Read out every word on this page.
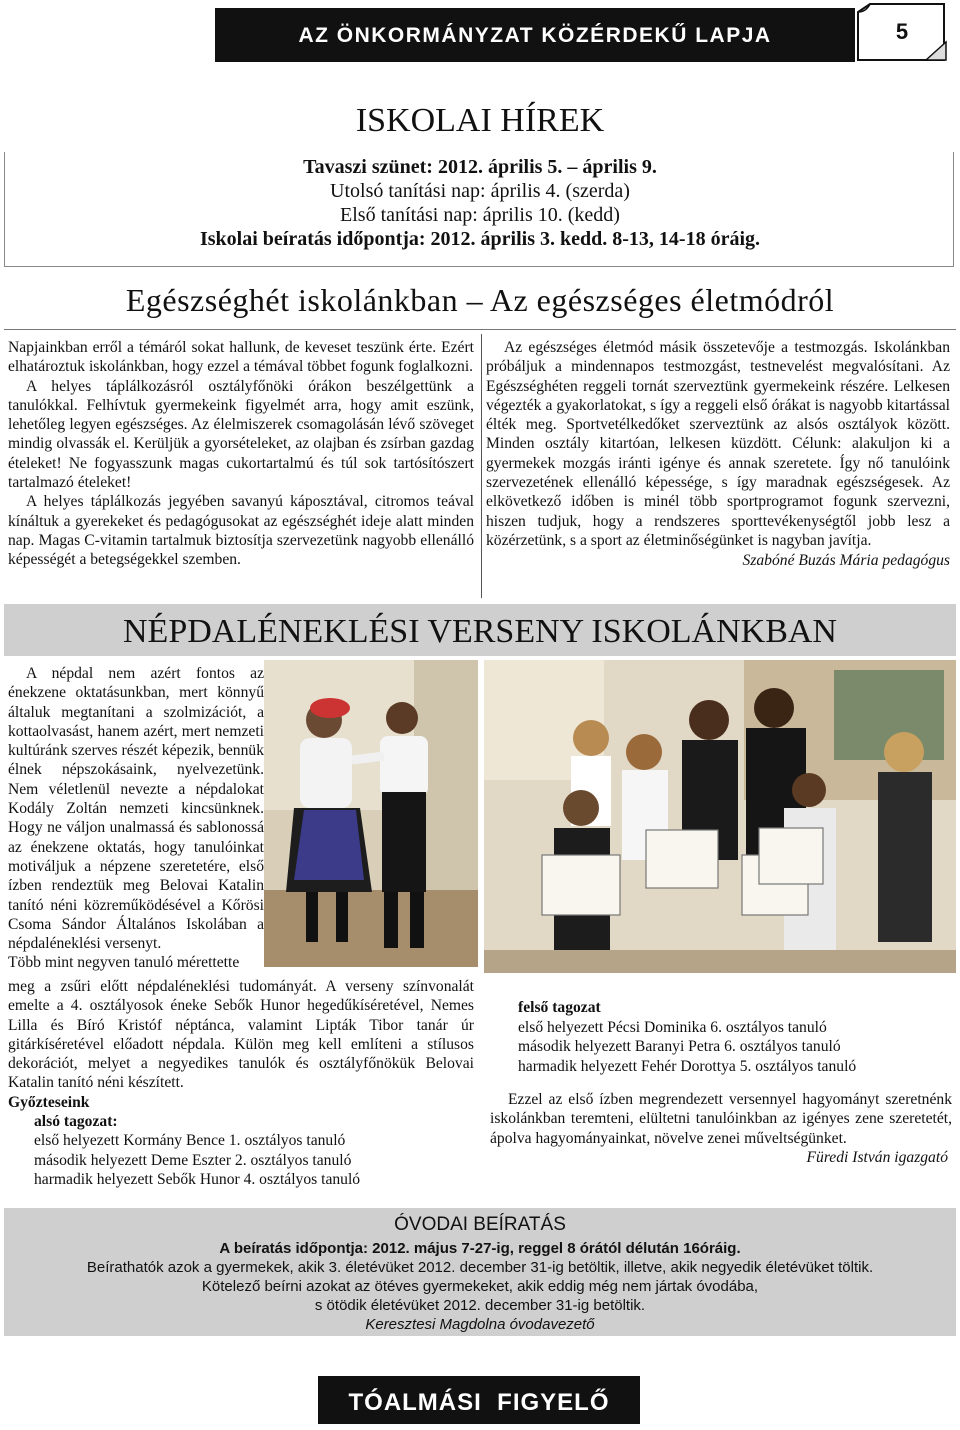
AZ ÖNKORMÁNYZAT KÖZÉRDEKŰ LAPJA	5
ISKOLAI HÍREK
Tavaszi szünet: 2012. április 5. – április 9.
Utolsó tanítási nap: április 4. (szerda)
Első tanítási nap: április 10. (kedd)
Iskolai beíratás időpontja: 2012. április 3. kedd. 8-13, 14-18 óráig.
Egészséghét iskolánkban – Az egészséges életmódról

Napjainkban erről a témáról sokat hallunk, de keveset teszünk érte. Ezért elhatároztuk iskolánkban, hogy ezzel a témával többet fogunk foglalkozni.

A helyes táplálkozásról osztályfőnöki órákon beszélgettünk a tanulókkal. Felhívtuk gyermekeink figyelmét arra, hogy amit eszünk, lehetőleg legyen egészséges. Az élelmiszerek csomagolásán lévő szöveget mindig olvassák el. Kerüljük a gyorsételeket, az olajban és zsírban gazdag ételeket! Ne fogyasszunk magas cukortartalmú és túl sok tartósítószert tartalmazó ételeket!

A helyes táplálkozás jegyében savanyú káposztával, citromos teával kínáltuk a gyerekeket és pedagógusokat az egészséghét ideje alatt minden nap. Magas C-vitamin tartalmuk biztosítja szervezetünk nagyobb ellenálló képességét a betegségekkel szemben.

Az egészséges életmód másik összetevője a testmozgás. Iskolánkban próbáljuk a mindennapos testmozgást, testnevelést megvalósítani. Az Egészséghéten reggeli tornát szerveztünk gyermekeink részére. Lelkesen végezték a gyakorlatokat, s így a reggeli első órákat is nagyobb kitartással élték meg. Sportvetélkedőket szerveztünk az alsós osztályok között. Minden osztály kitartóan, lelkesen küzdött. Célunk: alakuljon ki a gyermekek mozgás iránti igénye és annak szeretete. Így nő tanulóink szervezetének ellenálló képessége, s így maradnak egészségesek. Az elkövetkező időben is minél több sportprogramot fogunk szervezni, hiszen tudjuk, hogy a rendszeres sporttevékenységtől jobb lesz a közérzetünk, s a sport az életminőségünket is nagyban javítja.

Szabóné Buzás Mária pedagógus

NÉPDALÉNEKLÉSI VERSENY ISKOLÁNKBAN

A népdal nem azért fontos az énekzene oktatásunkban, mert könnyű általuk megtanítani a szolmizációt, a kottaolvasást, hanem azért, mert nemzeti kultúránk szerves részét képezik, bennük élnek népszokásaink, nyelvezetünk. Nem véletlenül nevezte a népdalokat Kodály Zoltán nemzeti kincsünknek. Hogy ne váljon unalmassá és sablonossá az énekzene oktatás, hogy tanulóinkat motiváljuk a népzene szeretetére, első ízben rendeztük meg Belovai Katalin tanító néni közreműködésével a Kőrösi Csoma Sándor Általános Iskolában a népdaléneklési versenyt.

Több mint negyven tanuló mérettette

meg a zsűri előtt népdaléneklési tudományát. A verseny színvonalát emelte a 4. osztályosok éneke Sebők Hunor hegedűkíséretével, Nemes Lilla és Bíró Kristóf néptánca, valamint Lipták Tibor tanár úr gitárkíséretével előadott népdala. Külön meg kell említeni a stílusos dekorációt, melyet a negyedikes tanulók és osztályfőnökük Belovai Katalin tanító néni készített.

Győzteseink

alsó tagozat:

első helyezett Kormány Bence 1. osztályos tanuló

második helyezett Deme Eszter 2. osztályos tanuló

harmadik helyezett Sebők Hunor 4. osztályos tanuló

felső tagozat

első helyezett Pécsi Dominika 6. osztályos tanuló

második helyezett Baranyi Petra 6. osztályos tanuló

harmadik helyezett Fehér Dorottya 5. osztályos tanuló

Ezzel az első ízben megrendezett versennyel hagyományt szeretnénk iskolánkban teremteni, elültetni tanulóinkban az igényes zene szeretetét, ápolva hagyományainkat, növelve zenei műveltségünket.

Füredi István igazgató

ÓVODAI BEÍRATÁS
A beíratás időpontja: 2012. május 7-27-ig, reggel 8 órától délután 16óráig.
Beírathatók azok a gyermekek, akik 3. életévüket 2012. december 31-ig betöltik, illetve, akik negyedik életévüket töltik.
Kötelező beírni azokat az ötéves gyermekeket, akik eddig még nem jártak óvodába,
s ötödik életévüket 2012. december 31-ig betöltik.
Keresztesi Magdolna óvodavezető
TÓALMÁSI FIGYELŐ
